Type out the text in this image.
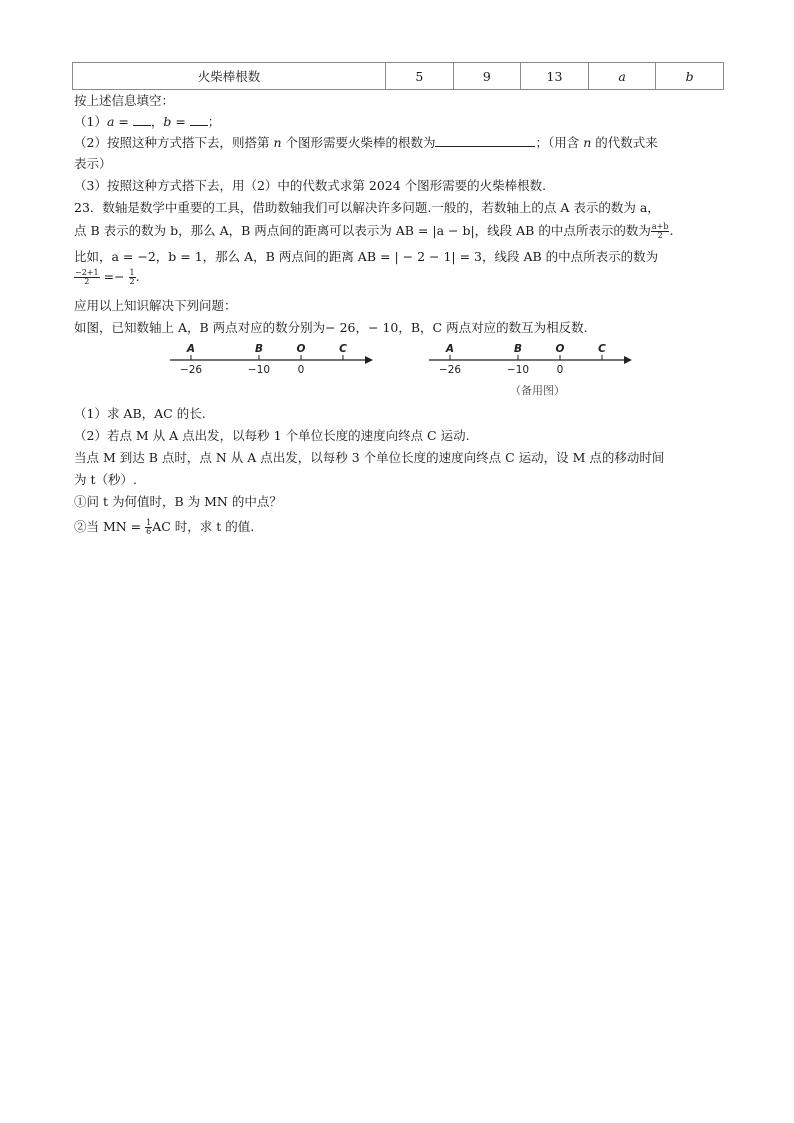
火柴棒根数	5	9	13	a	b
按上述信息填空：
（1）a = ，b = ；
（2）按照这种方式搭下去，则搭第 n 个图形需要火柴棒的根数为	；（用含 n 的代数式来
表示）
（3）按照这种方式搭下去，用（2）中的代数式求第 2024 个图形需要的火柴棒根数.
23．数轴是数学中重要的工具，借助数轴我们可以解决许多问题.一般的，若数轴上的点 A 表示的数为 a，
点 B 表示的数为 b，那么 A，B 两点间的距离可以表示为 AB = |a − b|，线段 AB 的中点所表示的数为 $\frac{a+b}{2}$ .
比如，a = −2，b = 1，那么 A，B 两点间的距离 AB = | − 2 − 1| = 3，线段 AB 的中点所表示的数为
$\frac{-2+1}{2} =- \frac{1}{2}$ .
应用以上知识解决下列问题：
如图，已知数轴上 A，B 两点对应的数分别为− 26，− 10，B，C 两点对应的数互为相反数.
A	B	O	C
−26	−10	0
A	B	O	C
−26	−10	0
（备用图）
（1）求 AB，AC 的长.
（2）若点 M 从 A 点出发，以每秒 1 个单位长度的速度向终点 C 运动.
当点 M 到达 B 点时，点 N 从 A 点出发，以每秒 3 个单位长度的速度向终点 C 运动，设 M 点的移动时间
为 t（秒）.
①问 t 为何值时，B 为 MN 的中点？
②当 MN = $\frac{1}{6}$ AC 时，求 t 的值.
